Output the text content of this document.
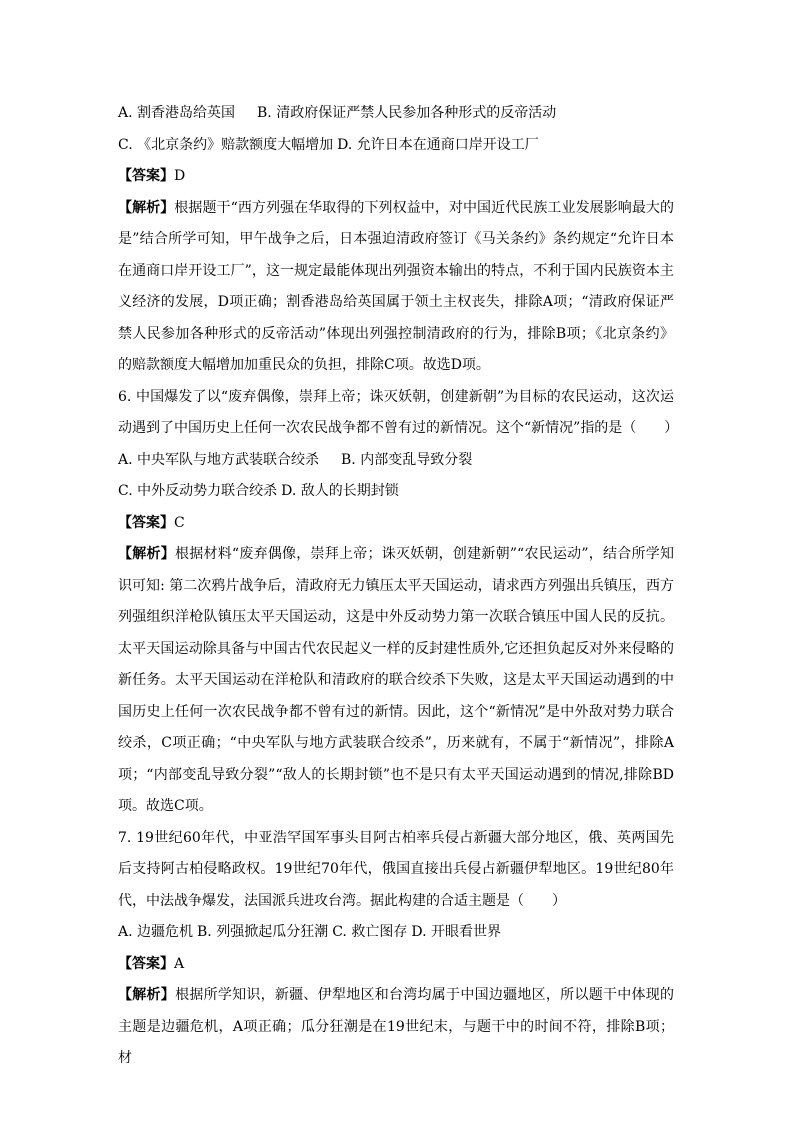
A. 割香港岛给英国 B. 清政府保证严禁人民参加各种形式的反帝活动

C. 《北京条约》赔款额度大幅增加 D. 允许日本在通商口岸开设工厂

【答案】D

【解析】根据题干“西方列强在华取得的下列权益中，对中国近代民族工业发展影响最大的是”结合所学可知，甲午战争之后，日本强迫清政府签订《马关条约》条约规定“允许日本在通商口岸开设工厂”，这一规定最能体现出列强资本输出的特点，不利于国内民族资本主义经济的发展，D项正确；割香港岛给英国属于领土主权丧失，排除A项；“清政府保证严禁人民参加各种形式的反帝活动”体现出列强控制清政府的行为，排除B项；《北京条约》的赔款额度大幅增加加重民众的负担，排除C项。故选D项。

6. 中国爆发了以“废弃偶像，崇拜上帝；诛灭妖朝，创建新朝”为目标的农民运动，这次运动遇到了中国历史上任何一次农民战争都不曾有过的新情况。这个“新情况”指的是（　　）

A. 中央军队与地方武装联合绞杀 B. 内部变乱导致分裂

C. 中外反动势力联合绞杀 D. 敌人的长期封锁

【答案】C

【解析】根据材料“废弃偶像，崇拜上帝；诛灭妖朝，创建新朝”“农民运动”，结合所学知识可知: 第二次鸦片战争后，清政府无力镇压太平天国运动，请求西方列强出兵镇压，西方列强组织洋枪队镇压太平天国运动，这是中外反动势力第一次联合镇压中国人民的反抗。太平天国运动除具备与中国古代农民起义一样的反封建性质外,它还担负起反对外来侵略的新任务。太平天国运动在洋枪队和清政府的联合绞杀下失败，这是太平天国运动遇到的中国历史上任何一次农民战争都不曾有过的新情。因此，这个“新情况”是中外敌对势力联合绞杀，C项正确；“中央军队与地方武装联合绞杀”，历来就有，不属于“新情况”，排除A项；“内部变乱导致分裂”“敌人的长期封锁”也不是只有太平天国运动遇到的情况,排除BD项。故选C项。

7. 19世纪60年代，中亚浩罕国军事头目阿古柏率兵侵占新疆大部分地区，俄、英两国先后支持阿古柏侵略政权。19世纪70年代，俄国直接出兵侵占新疆伊犁地区。19世纪80年代，中法战争爆发，法国派兵进攻台湾。据此构建的合适主题是（　　）

A. 边疆危机 B. 列强掀起瓜分狂潮 C. 救亡图存 D. 开眼看世界

【答案】A

【解析】根据所学知识，新疆、伊犁地区和台湾均属于中国边疆地区，所以题干中体现的主题是边疆危机，A项正确；瓜分狂潮是在19世纪末，与题干中的时间不符，排除B项；材
